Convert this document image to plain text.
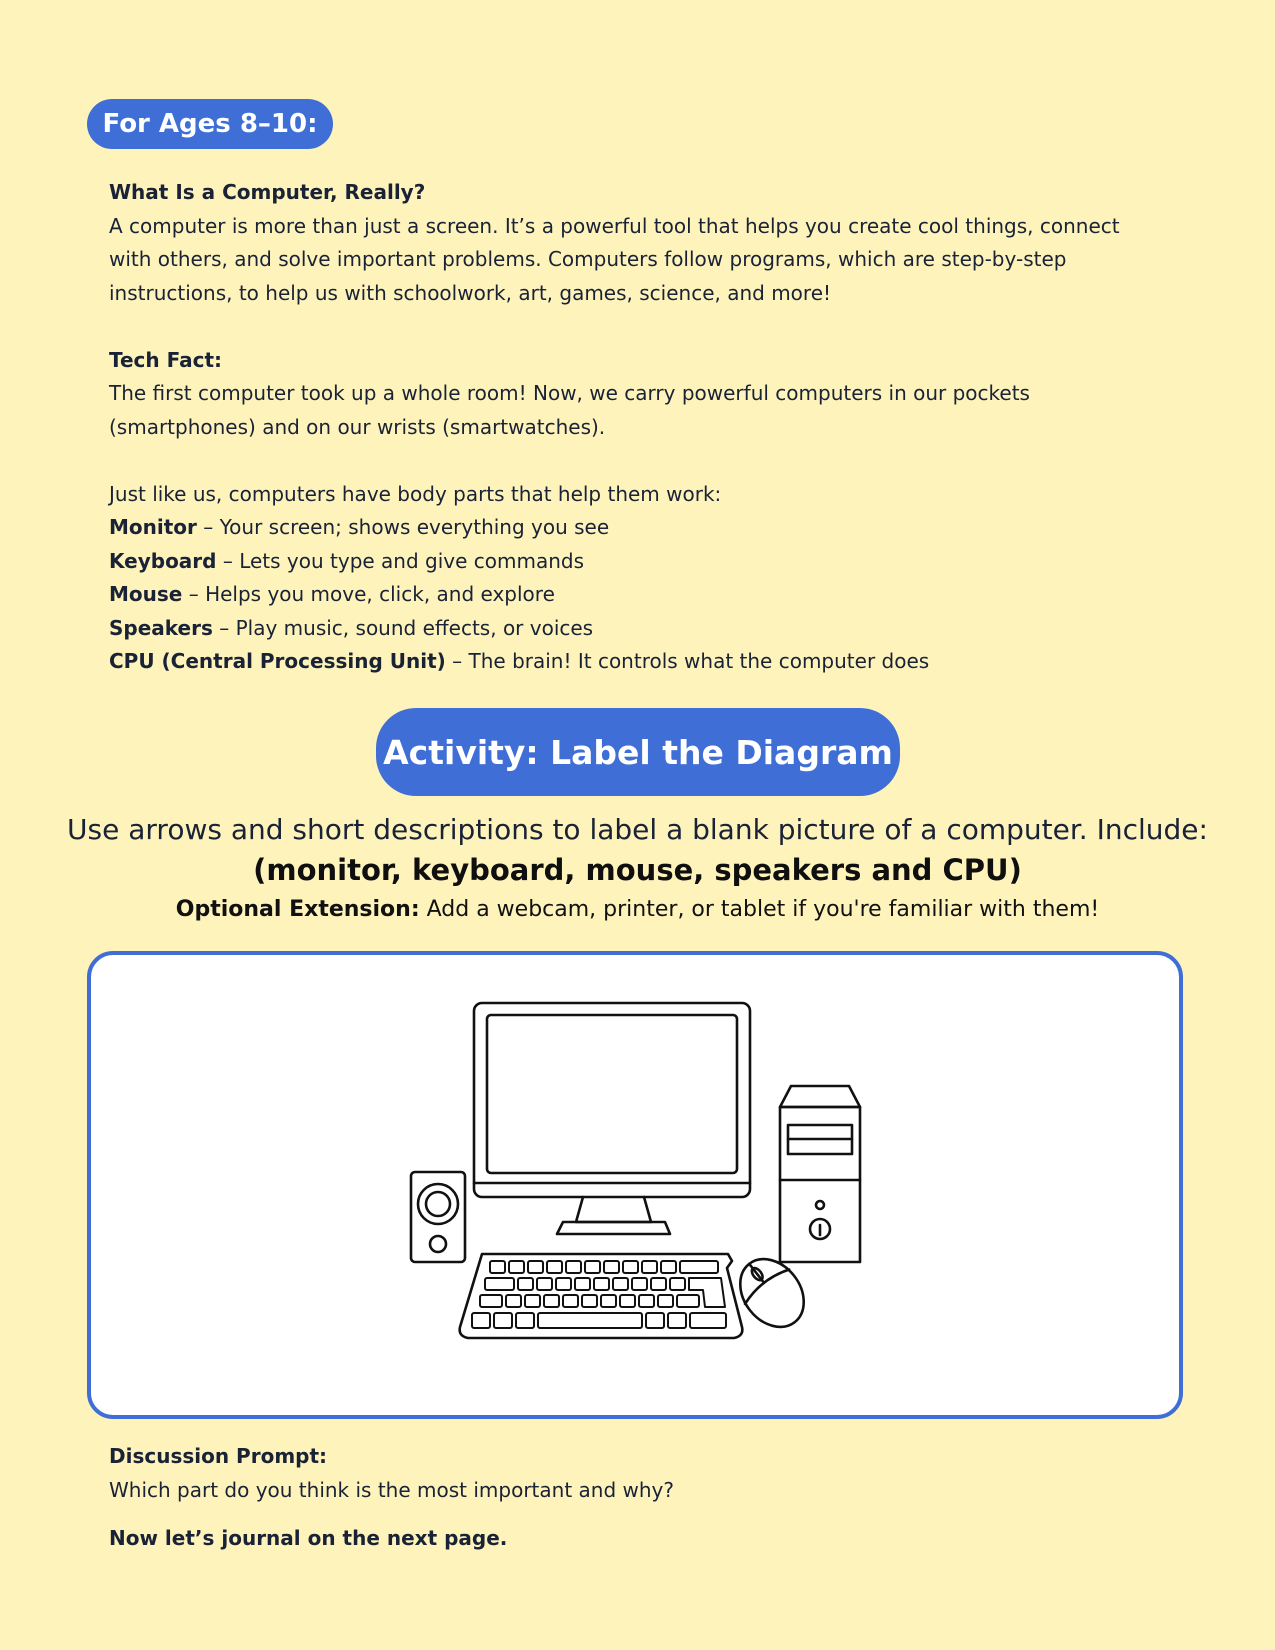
For Ages 8–10:

What Is a Computer, Really?

A computer is more than just a screen. It’s a powerful tool that helps you create cool things, connect

with others, and solve important problems. Computers follow programs, which are step-by-step

instructions, to help us with schoolwork, art, games, science, and more!

Tech Fact:

The first computer took up a whole room! Now, we carry powerful computers in our pockets

(smartphones) and on our wrists (smartwatches).

Just like us, computers have body parts that help them work:

Monitor – Your screen; shows everything you see

Keyboard – Lets you type and give commands

Mouse – Helps you move, click, and explore

Speakers – Play music, sound effects, or voices

CPU (Central Processing Unit) – The brain! It controls what the computer does

Activity: Label the Diagram
Use arrows and short descriptions to label a blank picture of a computer. Include:
(monitor, keyboard, mouse, speakers and CPU)
Optional Extension: Add a webcam, printer, or tablet if you're familiar with them!

Discussion Prompt:

Which part do you think is the most important and why?

Now let’s journal on the next page.
